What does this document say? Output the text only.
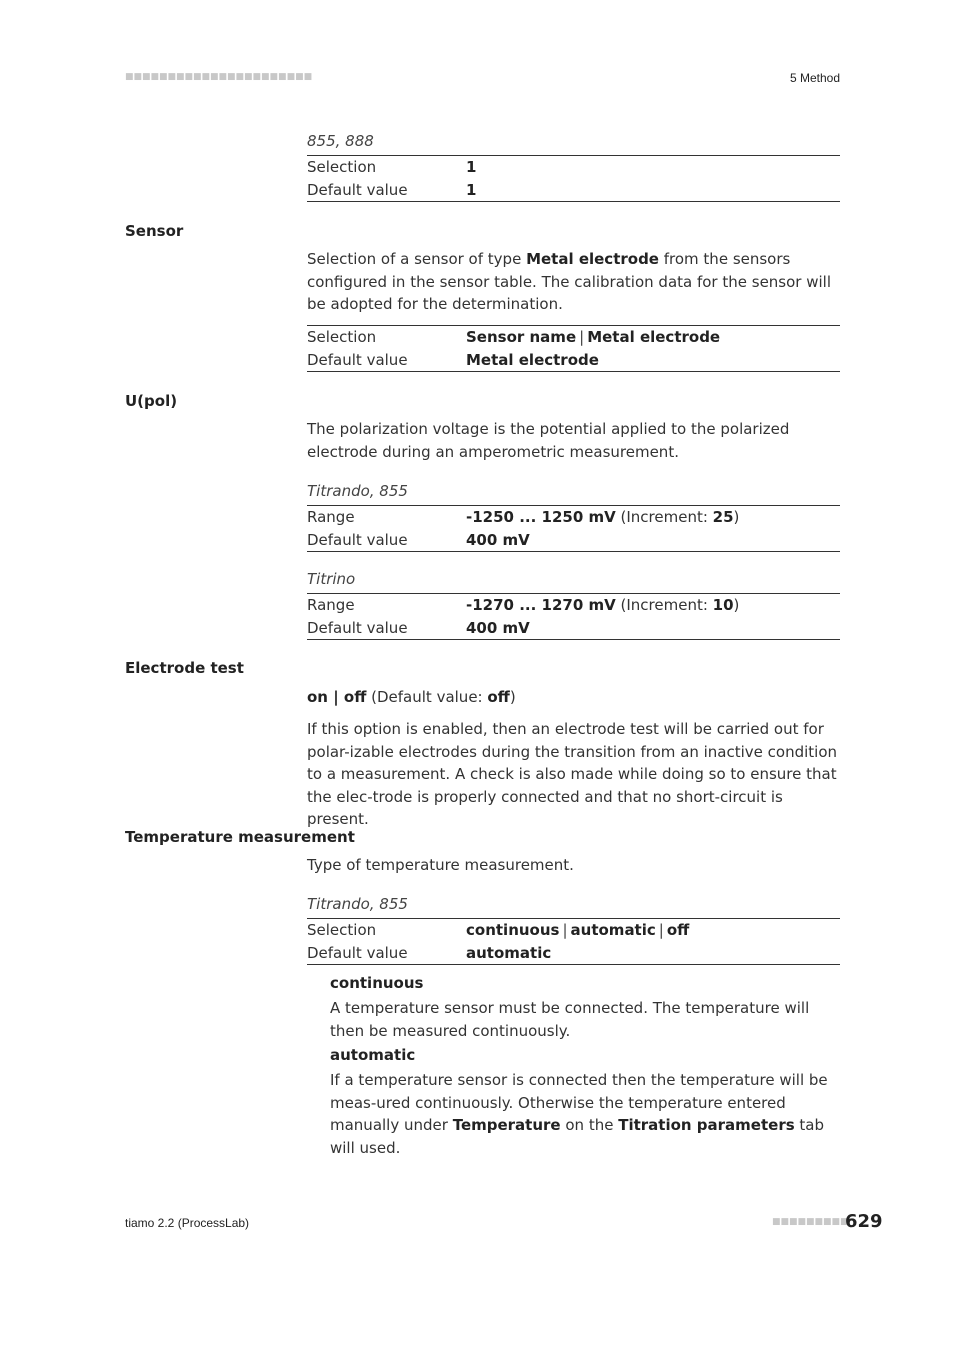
■■■■■■■■■■■■■■■■■■■■■■	5 Method
855, 888
Selection	1
Default value	1
Sensor
Selection of a sensor of type Metal electrode from the sensors configured in the sensor table. The calibration data for the sensor will be adopted for the determination.
Selection	Sensor name | Metal electrode
Default value	Metal electrode
U(pol)
The polarization voltage is the potential applied to the polarized electrode during an amperometric measurement.
Titrando, 855
Range	-1250 ... 1250 mV (Increment: 25)
Default value	400 mV
Titrino
Range	-1270 ... 1270 mV (Increment: 10)
Default value	400 mV
Electrode test
on | off (Default value: off)
If this option is enabled, then an electrode test will be carried out for polar-izable electrodes during the transition from an inactive condition to a measurement. A check is also made while doing so to ensure that the elec-trode is properly connected and that no short-circuit is present.
Temperature measurement
Type of temperature measurement.
Titrando, 855
Selection	continuous | automatic | off
Default value	automatic
continuous
A temperature sensor must be connected. The temperature will then be measured continuously.
automatic
If a temperature sensor is connected then the temperature will be meas-ured continuously. Otherwise the temperature entered manually under Temperature on the Titration parameters tab will used.
tiamo 2.2 (ProcessLab)	■■■■■■■■■
629
